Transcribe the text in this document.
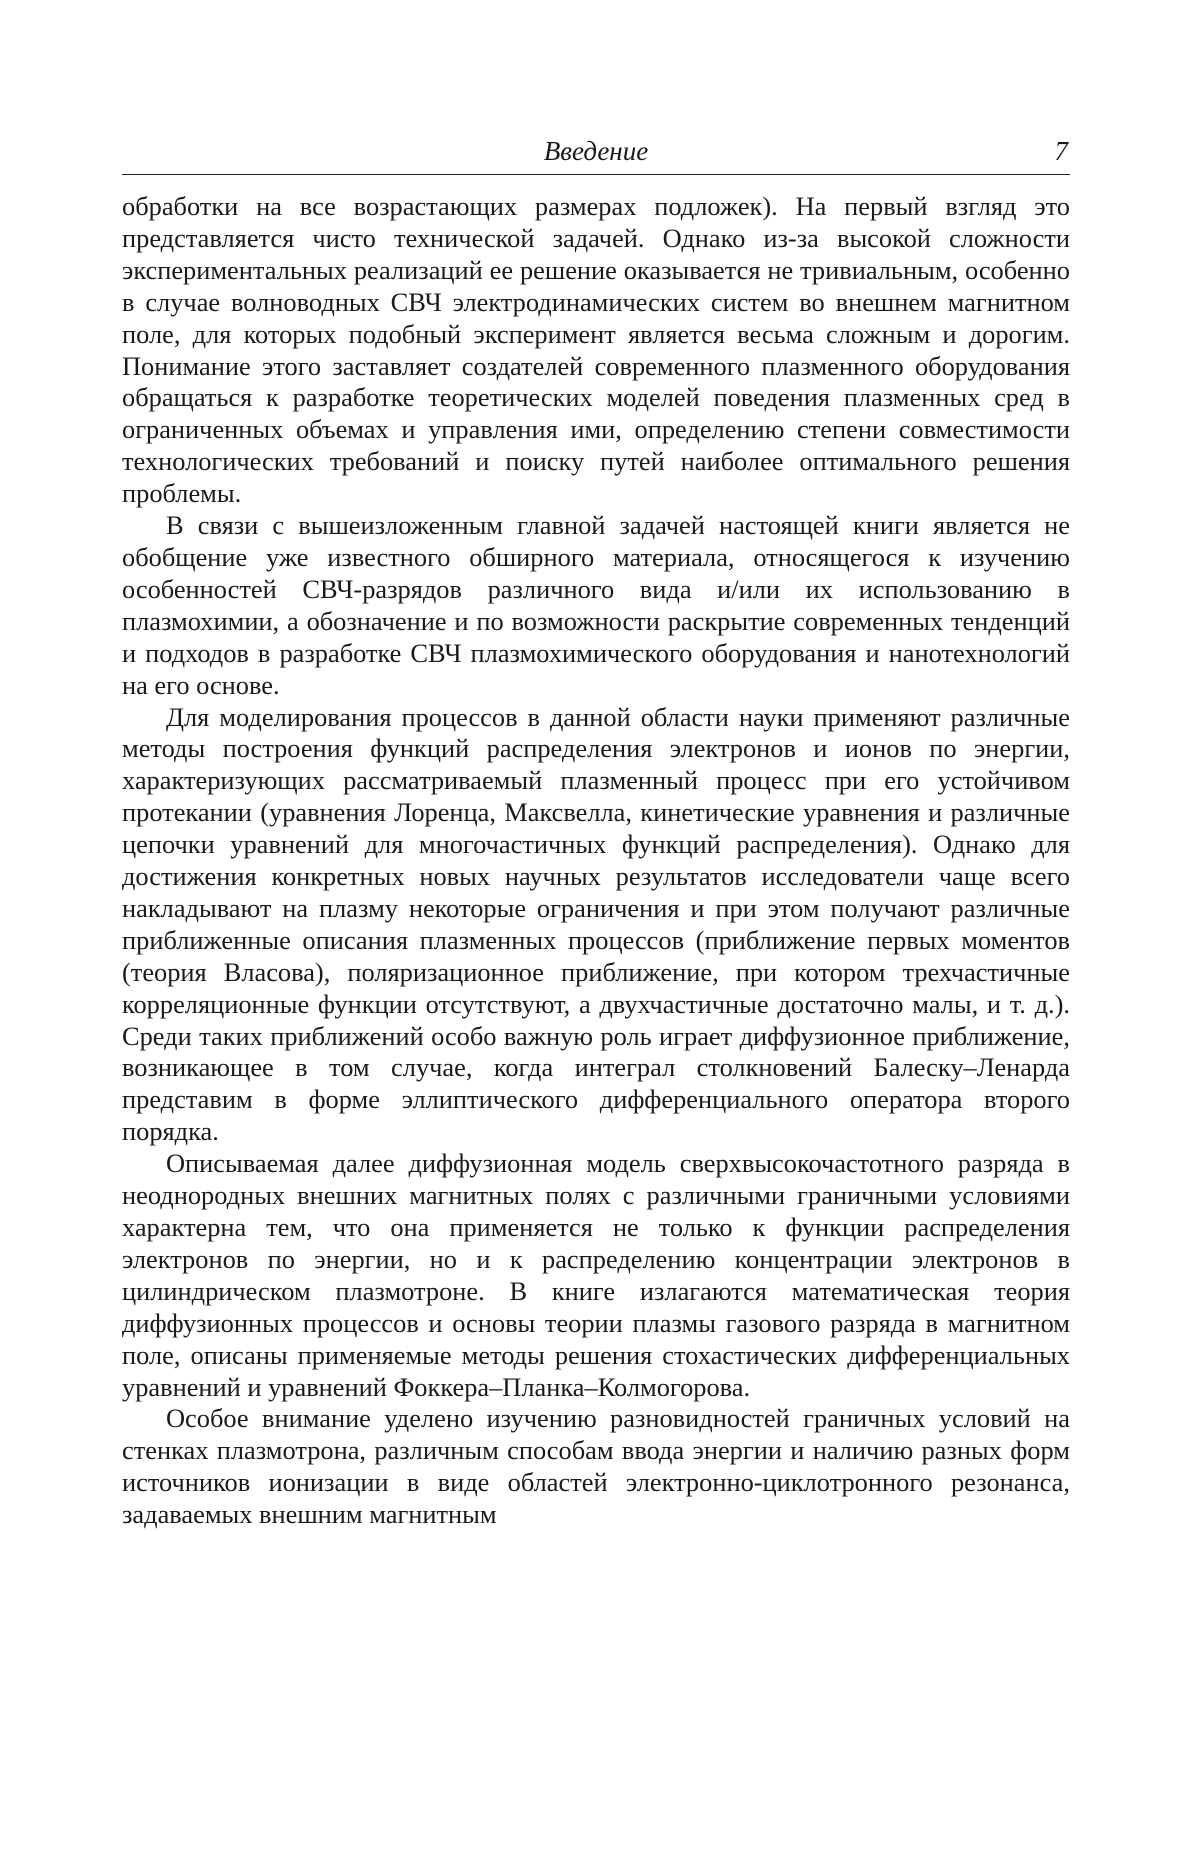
Введение	7

обработки на все возрастающих размерах подложек). На первый взгляд это представляется чисто технической задачей. Однако из-за высокой сложности экспериментальных реализаций ее решение оказывается не тривиальным, особенно в случае волноводных СВЧ электродинамических систем во внешнем магнитном поле, для которых подобный эксперимент является весьма сложным и дорогим. Понимание этого заставляет создателей современного плазменного оборудования обращаться к разработке теоретических моделей поведения плазменных сред в ограниченных объемах и управления ими, определению степени совместимости технологических требований и поиску путей наиболее оптимального решения проблемы.

В связи с вышеизложенным главной задачей настоящей книги является не обобщение уже известного обширного материала, относящегося к изучению особенностей СВЧ-разрядов различного вида и/или их использованию в плазмохимии, а обозначение и по возможности раскрытие современных тенденций и подходов в разработке СВЧ плазмохимического оборудования и нанотехнологий на его основе.

Для моделирования процессов в данной области науки применяют различные методы построения функций распределения электронов и ионов по энергии, характеризующих рассматриваемый плазменный процесс при его устойчивом протекании (уравнения Лоренца, Максвелла, кинетические уравнения и различные цепочки уравнений для многочастичных функций распределения). Однако для достижения конкретных новых научных результатов исследователи чаще всего накладывают на плазму некоторые ограничения и при этом получают различные приближенные описания плазменных процессов (приближение первых моментов (теория Власова), поляризационное приближение, при котором трехчастичные корреляционные функции отсутствуют, а двухчастичные достаточно малы, и т. д.). Среди таких приближений особо важную роль играет диффузионное приближение, возникающее в том случае, когда интеграл столкновений Балеску–Ленарда представим в форме эллиптического дифференциального оператора второго порядка.

Описываемая далее диффузионная модель сверхвысокочастотного разряда в неоднородных внешних магнитных полях с различными граничными условиями характерна тем, что она применяется не только к функции распределения электронов по энергии, но и к распределению концентрации электронов в цилиндрическом плазмотроне. В книге излагаются математическая теория диффузионных процессов и основы теории плазмы газового разряда в магнитном поле, описаны применяемые методы решения стохастических дифференциальных уравнений и уравнений Фоккера–Планка–Колмогорова.

Особое внимание уделено изучению разновидностей граничных условий на стенках плазмотрона, различным способам ввода энергии и наличию разных форм источников ионизации в виде областей электронно-циклотронного резонанса, задаваемых внешним магнитным
